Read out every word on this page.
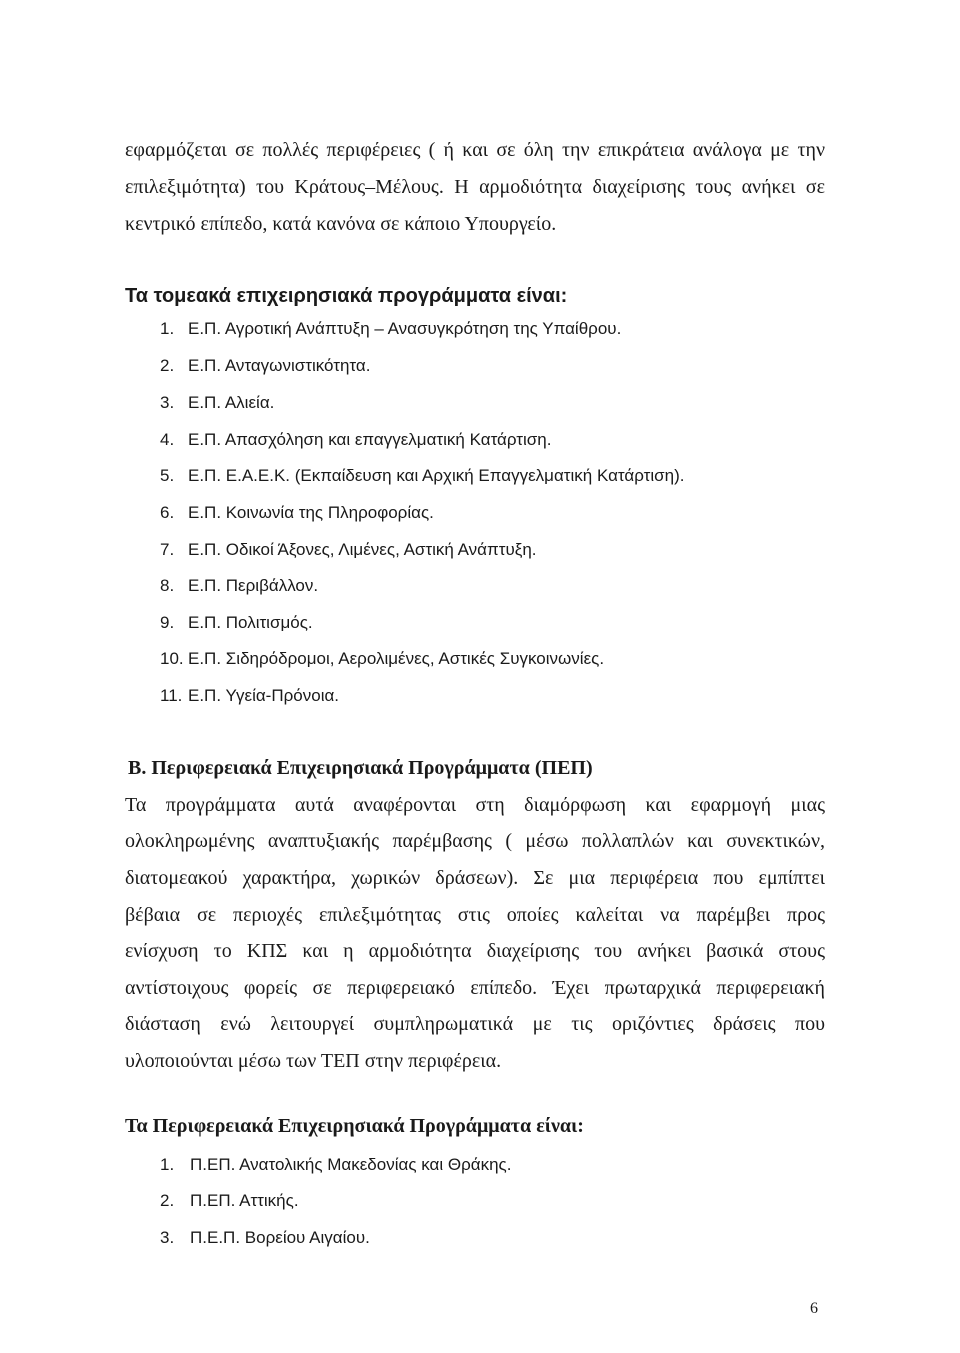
εφαρμόζεται σε πολλές περιφέρειες ( ή και σε όλη την επικράτεια ανάλογα με την
επιλεξιμότητα) του Κράτους–Μέλους. Η αρμοδιότητα διαχείρισης τους ανήκει σε
κεντρικό επίπεδο, κατά κανόνα σε κάποιο Υπουργείο.
Τα τομεακά επιχειρησιακά προγράμματα είναι:
1. Ε.Π. Αγροτική Ανάπτυξη – Ανασυγκρότηση της Υπαίθρου.
2. Ε.Π. Ανταγωνιστικότητα.
3. Ε.Π. Αλιεία.
4. Ε.Π. Απασχόληση και επαγγελματική Κατάρτιση.
5. Ε.Π. Ε.Α.Ε.Κ. (Εκπαίδευση και Αρχική Επαγγελματική Κατάρτιση).
6. Ε.Π. Κοινωνία της Πληροφορίας.
7. Ε.Π. Οδικοί Άξονες, Λιμένες, Αστική Ανάπτυξη.
8. Ε.Π. Περιβάλλον.
9. Ε.Π. Πολιτισμός.
10. Ε.Π. Σιδηρόδρομοι, Αερολιμένες, Αστικές Συγκοινωνίες.
11. Ε.Π. Υγεία-Πρόνοια.
Β. Περιφερειακά Επιχειρησιακά Προγράμματα (ΠΕΠ)
Τα προγράμματα αυτά αναφέρονται στη διαμόρφωση και εφαρμογή μιας
ολοκληρωμένης αναπτυξιακής παρέμβασης ( μέσω πολλαπλών και συνεκτικών,
διατομεακού χαρακτήρα, χωρικών δράσεων). Σε μια περιφέρεια που εμπίπτει
βέβαια σε περιοχές επιλεξιμότητας στις οποίες καλείται να παρέμβει προς
ενίσχυση το ΚΠΣ και η αρμοδιότητα διαχείρισης του ανήκει βασικά στους
αντίστοιχους φορείς σε περιφερειακό επίπεδο. Έχει πρωταρχικά περιφερειακή
διάσταση ενώ λειτουργεί συμπληρωματικά με τις οριζόντιες δράσεις που
υλοποιούνται μέσω των ΤΕΠ στην περιφέρεια.
Τα Περιφερειακά Επιχειρησιακά Προγράμματα είναι:
1. Π.ΕΠ. Ανατολικής Μακεδονίας και Θράκης.
2. Π.ΕΠ. Αττικής.
3. Π.Ε.Π. Βορείου Αιγαίου.
6
